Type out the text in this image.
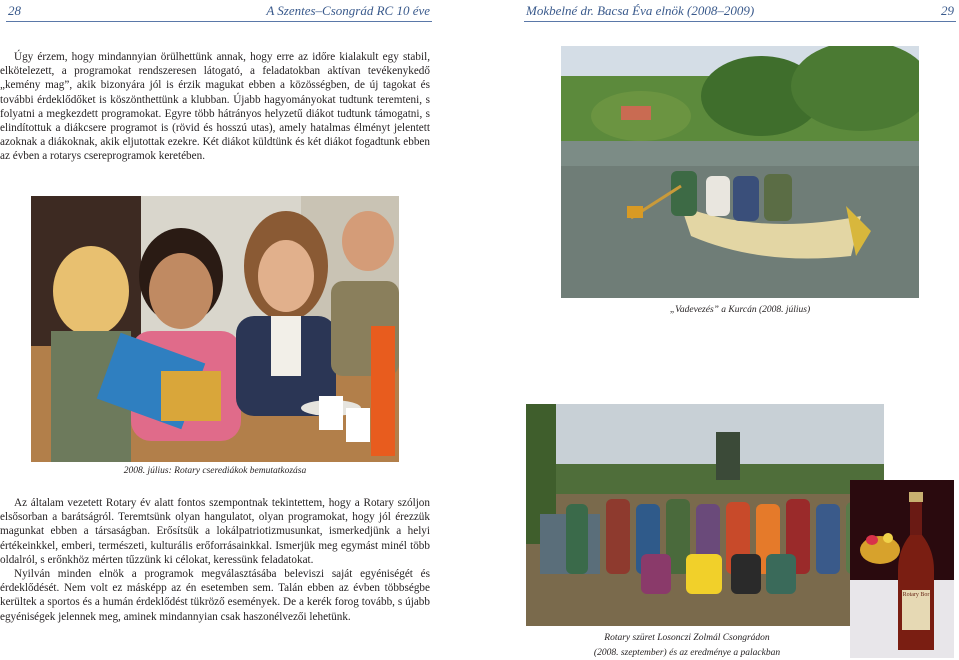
28	A Szentes–Csongrád RC 10 éve	Mokbelné dr. Bacsa Éva elnök (2008–2009)	29

Úgy érzem, hogy mindannyian örülhettünk annak, hogy erre az időre kialakult egy stabil, elkötelezett, a programokat rendszeresen látogató, a feladatokban aktívan tevékenykedő „kemény mag”, akik bizonyára jól is érzik magukat ebben a közösségben, de új tagokat és további érdeklődőket is köszönthettünk a klubban. Újabb hagyományokat tudtunk teremteni, s folyatni a megkezdett programokat. Egyre több hátrányos helyzetű diákot tudtunk támogatni, s elindítottuk a diákcsere programot is (rövid és hosszú utas), amely hatalmas élményt jelentett azoknak a diákoknak, akik eljutottak ezekre. Két diákot küldtünk és két diákot fogadtunk ebben az évben a rotarys csereprogramok keretében.

2008. július: Rotary cserediákok bemutatkozása

Az általam vezetett Rotary év alatt fontos szempontnak tekintettem, hogy a Rotary szóljon elsősorban a barátságról. Teremtsünk olyan hangulatot, olyan programokat, hogy jól érezzük magunkat ebben a társaságban. Erősítsük a lokálpatriotizmusunkat, ismerkedjünk a helyi értékeinkkel, emberi, természeti, kulturális erőforrásainkkal. Ismerjük meg egymást minél több oldalról, s erőnkhöz mérten tűzzünk ki célokat, keressünk feladatokat.

Nyilván minden elnök a programok megválasztásába beleviszi saját egyéniségét és érdeklődését. Nem volt ez másképp az én esetemben sem. Talán ebben az évben többségbe kerültek a sportos és a humán érdeklődést tükröző események. De a kerék forog tovább, s újabb egyéniségek jelennek meg, aminek mindannyian csak haszonélvezői lehetünk.

„Vadevezés” a Kurcán (2008. július)
Rotary Bor
Rotary szüret Losonczi Zolmál Csongrádon
(2008. szeptember) és az eredménye a palackban
